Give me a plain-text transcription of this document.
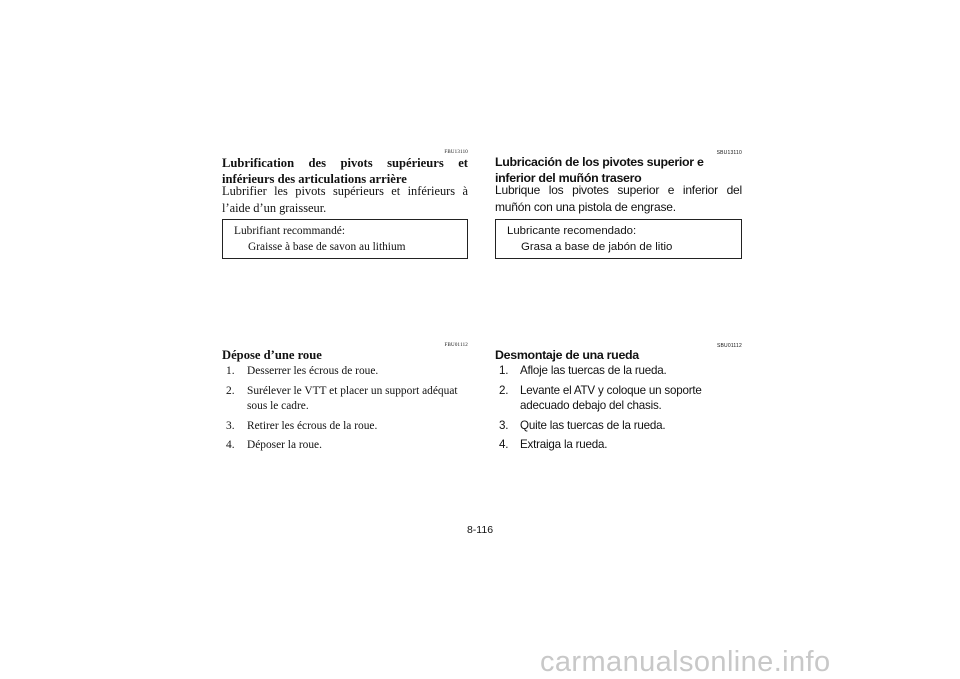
FBU13110
Lubrification des pivots supérieurs et inférieurs des articulations arrière
Lubrifier les pivots supérieurs et inférieurs à l’aide d’un graisseur.
Lubrifiant recommandé:
Graisse à base de savon au lithium
FBU01112
Dépose d’une roue
1. Desserrer les écrous de roue.
2. Surélever le VTT et placer un support adéquat sous le cadre.
3. Retirer les écrous de la roue.
4. Déposer la roue.
SBU13110
Lubricación de los pivotes superior e inferior del muñón trasero
Lubrique los pivotes superior e inferior del muñón con una pistola de engrase.
Lubricante recomendado:
Grasa a base de jabón de litio
SBU01112
Desmontaje de una rueda
1. Afloje las tuercas de la rueda.
2. Levante el ATV y coloque un soporte adecuado debajo del chasis.
3. Quite las tuercas de la rueda.
4. Extraiga la rueda.
8-116
carmanualsonline.info
